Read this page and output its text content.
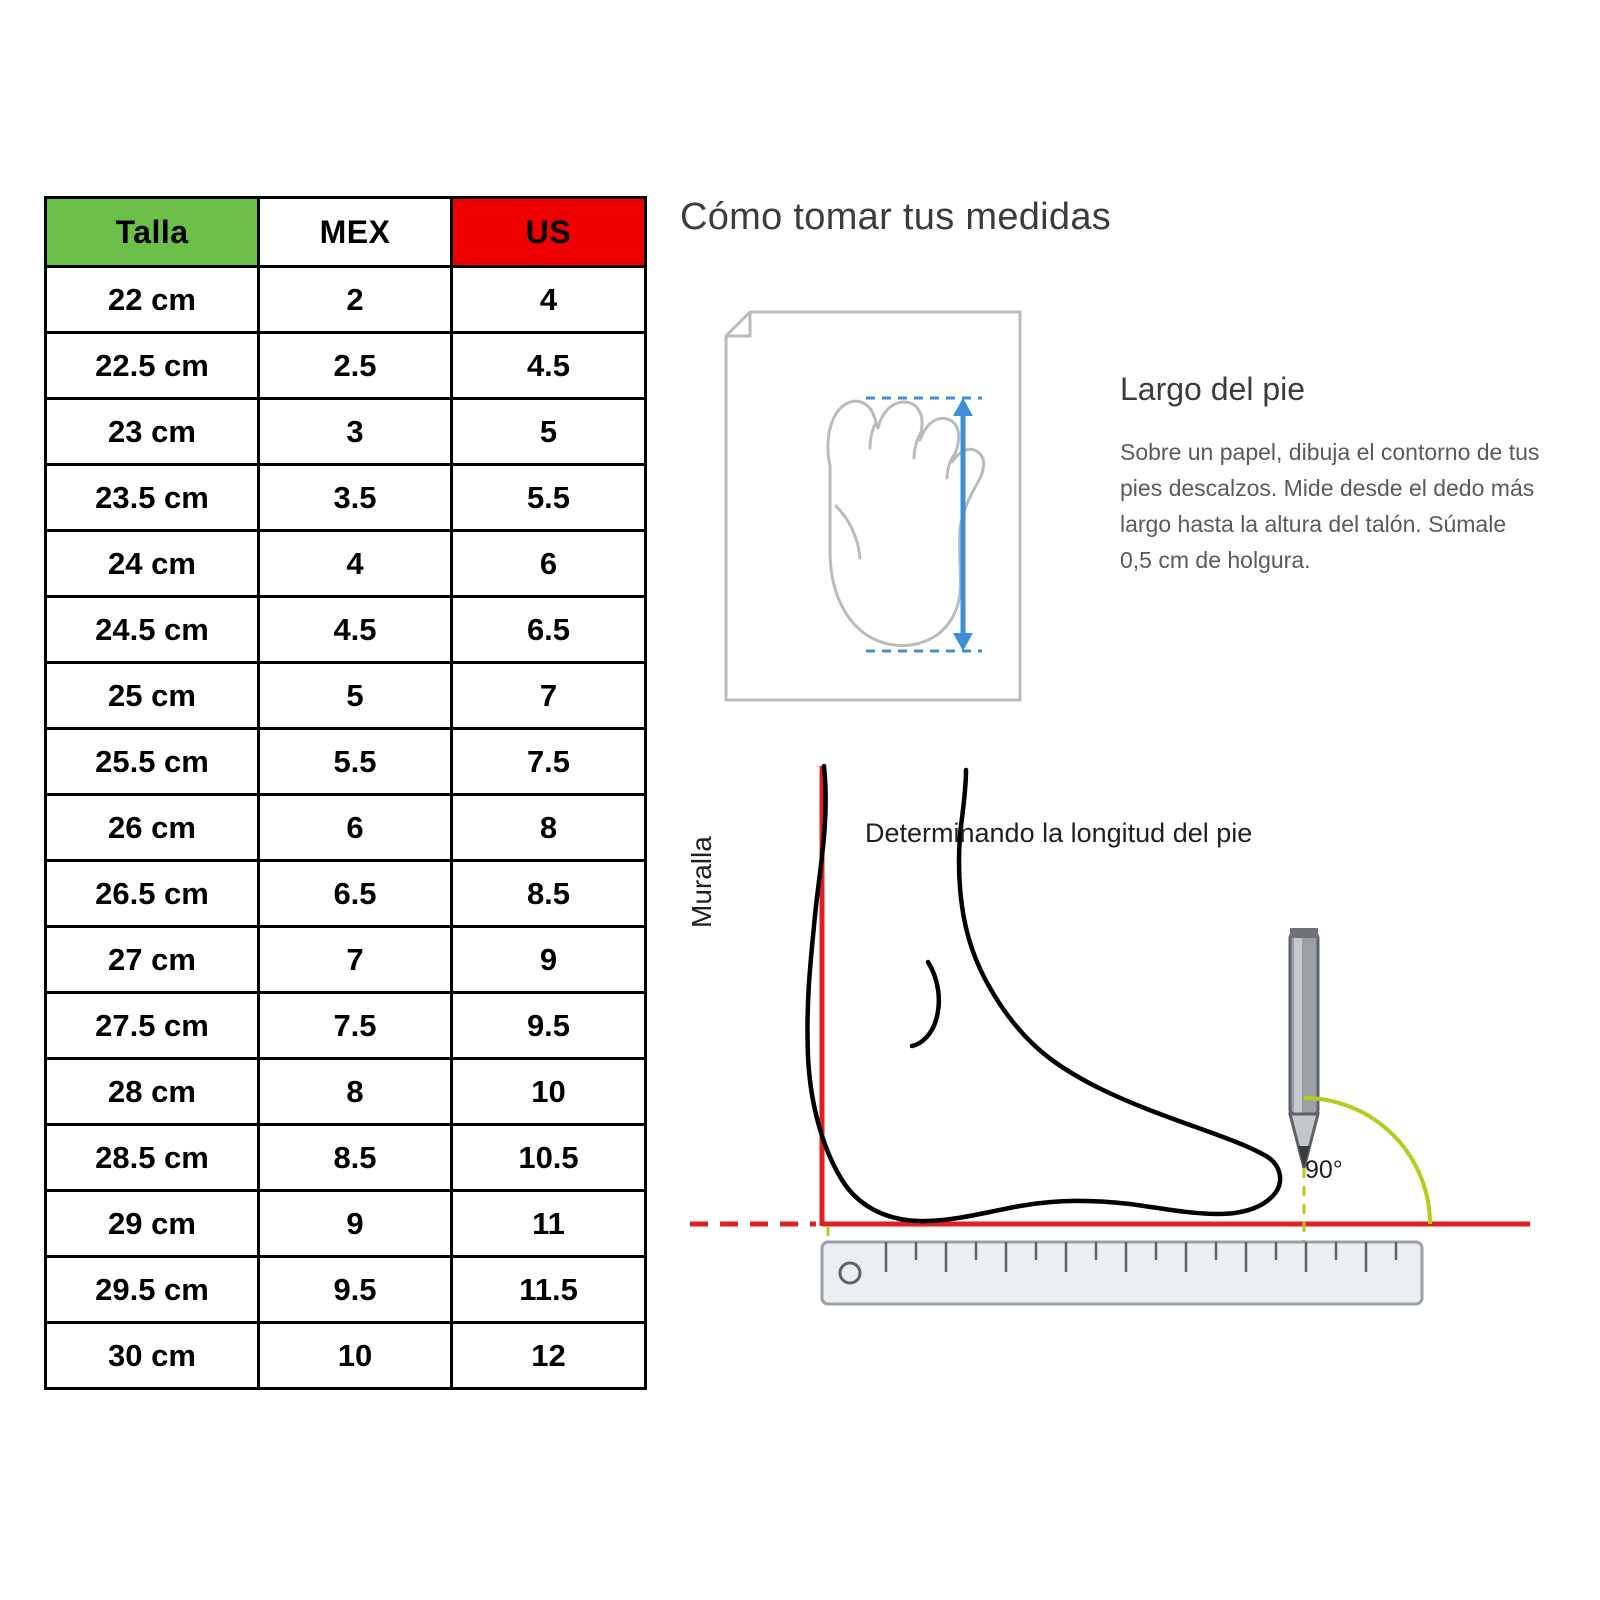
Talla	MEX	US
22 cm	2	4
22.5 cm	2.5	4.5
23 cm	3	5
23.5 cm	3.5	5.5
24 cm	4	6
24.5 cm	4.5	6.5
25 cm	5	7
25.5 cm	5.5	7.5
26 cm	6	8
26.5 cm	6.5	8.5
27 cm	7	9
27.5 cm	7.5	9.5
28 cm	8	10
28.5 cm	8.5	10.5
29 cm	9	11
29.5 cm	9.5	11.5
30 cm	10	12
Cómo tomar tus medidas
Largo del pie

Sobre un papel, dibuja el contorno de tus pies descalzos. Mide desde el dedo más largo hasta la altura del talón. Súmale 0,5 cm de holgura.

Determinando la longitud del pie
Muralla
90°
